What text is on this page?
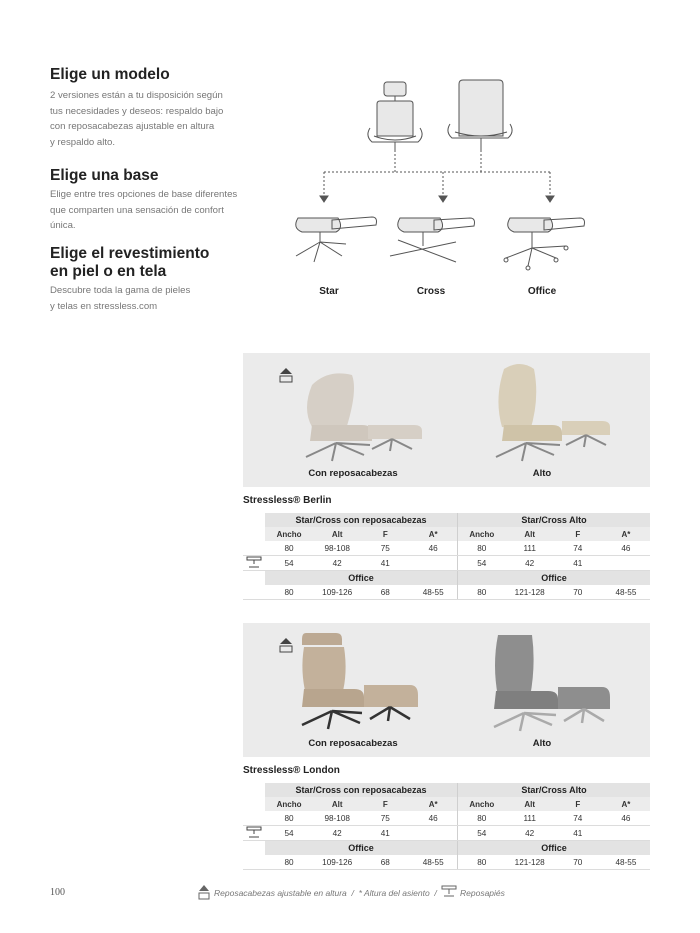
Elige un modelo
2 versiones están a tu disposición según
tus necesidades y deseos: respaldo bajo
con reposacabezas ajustable en altura
y respaldo alto.
Elige una base
Elige entre tres opciones de base diferentes
que comparten una sensación de confort
única.
Elige el revestimiento
en piel o en tela
Descubre toda la gama de pieles
y telas en stressless.com
Star	Cross	Office
Con reposacabezas	Alto
Stressless® Berlin
	Star/Cross con reposacabezas				Star/Cross Alto			
	Ancho	Alt	F	A*	Ancho	Alt	F	A*
	80	98-108	75	46	80	111	74	46
	54	42	41		54	42	41	
	Office				Office			
	80	109-126	68	48-55	80	121-128	70	48-55
Con reposacabezas	Alto
Stressless® London
	Star/Cross con reposacabezas				Star/Cross Alto			
	Ancho	Alt	F	A*	Ancho	Alt	F	A*
	80	98-108	75	46	80	111	74	46
	54	42	41		54	42	41	
	Office				Office			
	80	109-126	68	48-55	80	121-128	70	48-55
100	Reposacabezas ajustable en altura / * Altura del asiento /	Reposapiés
